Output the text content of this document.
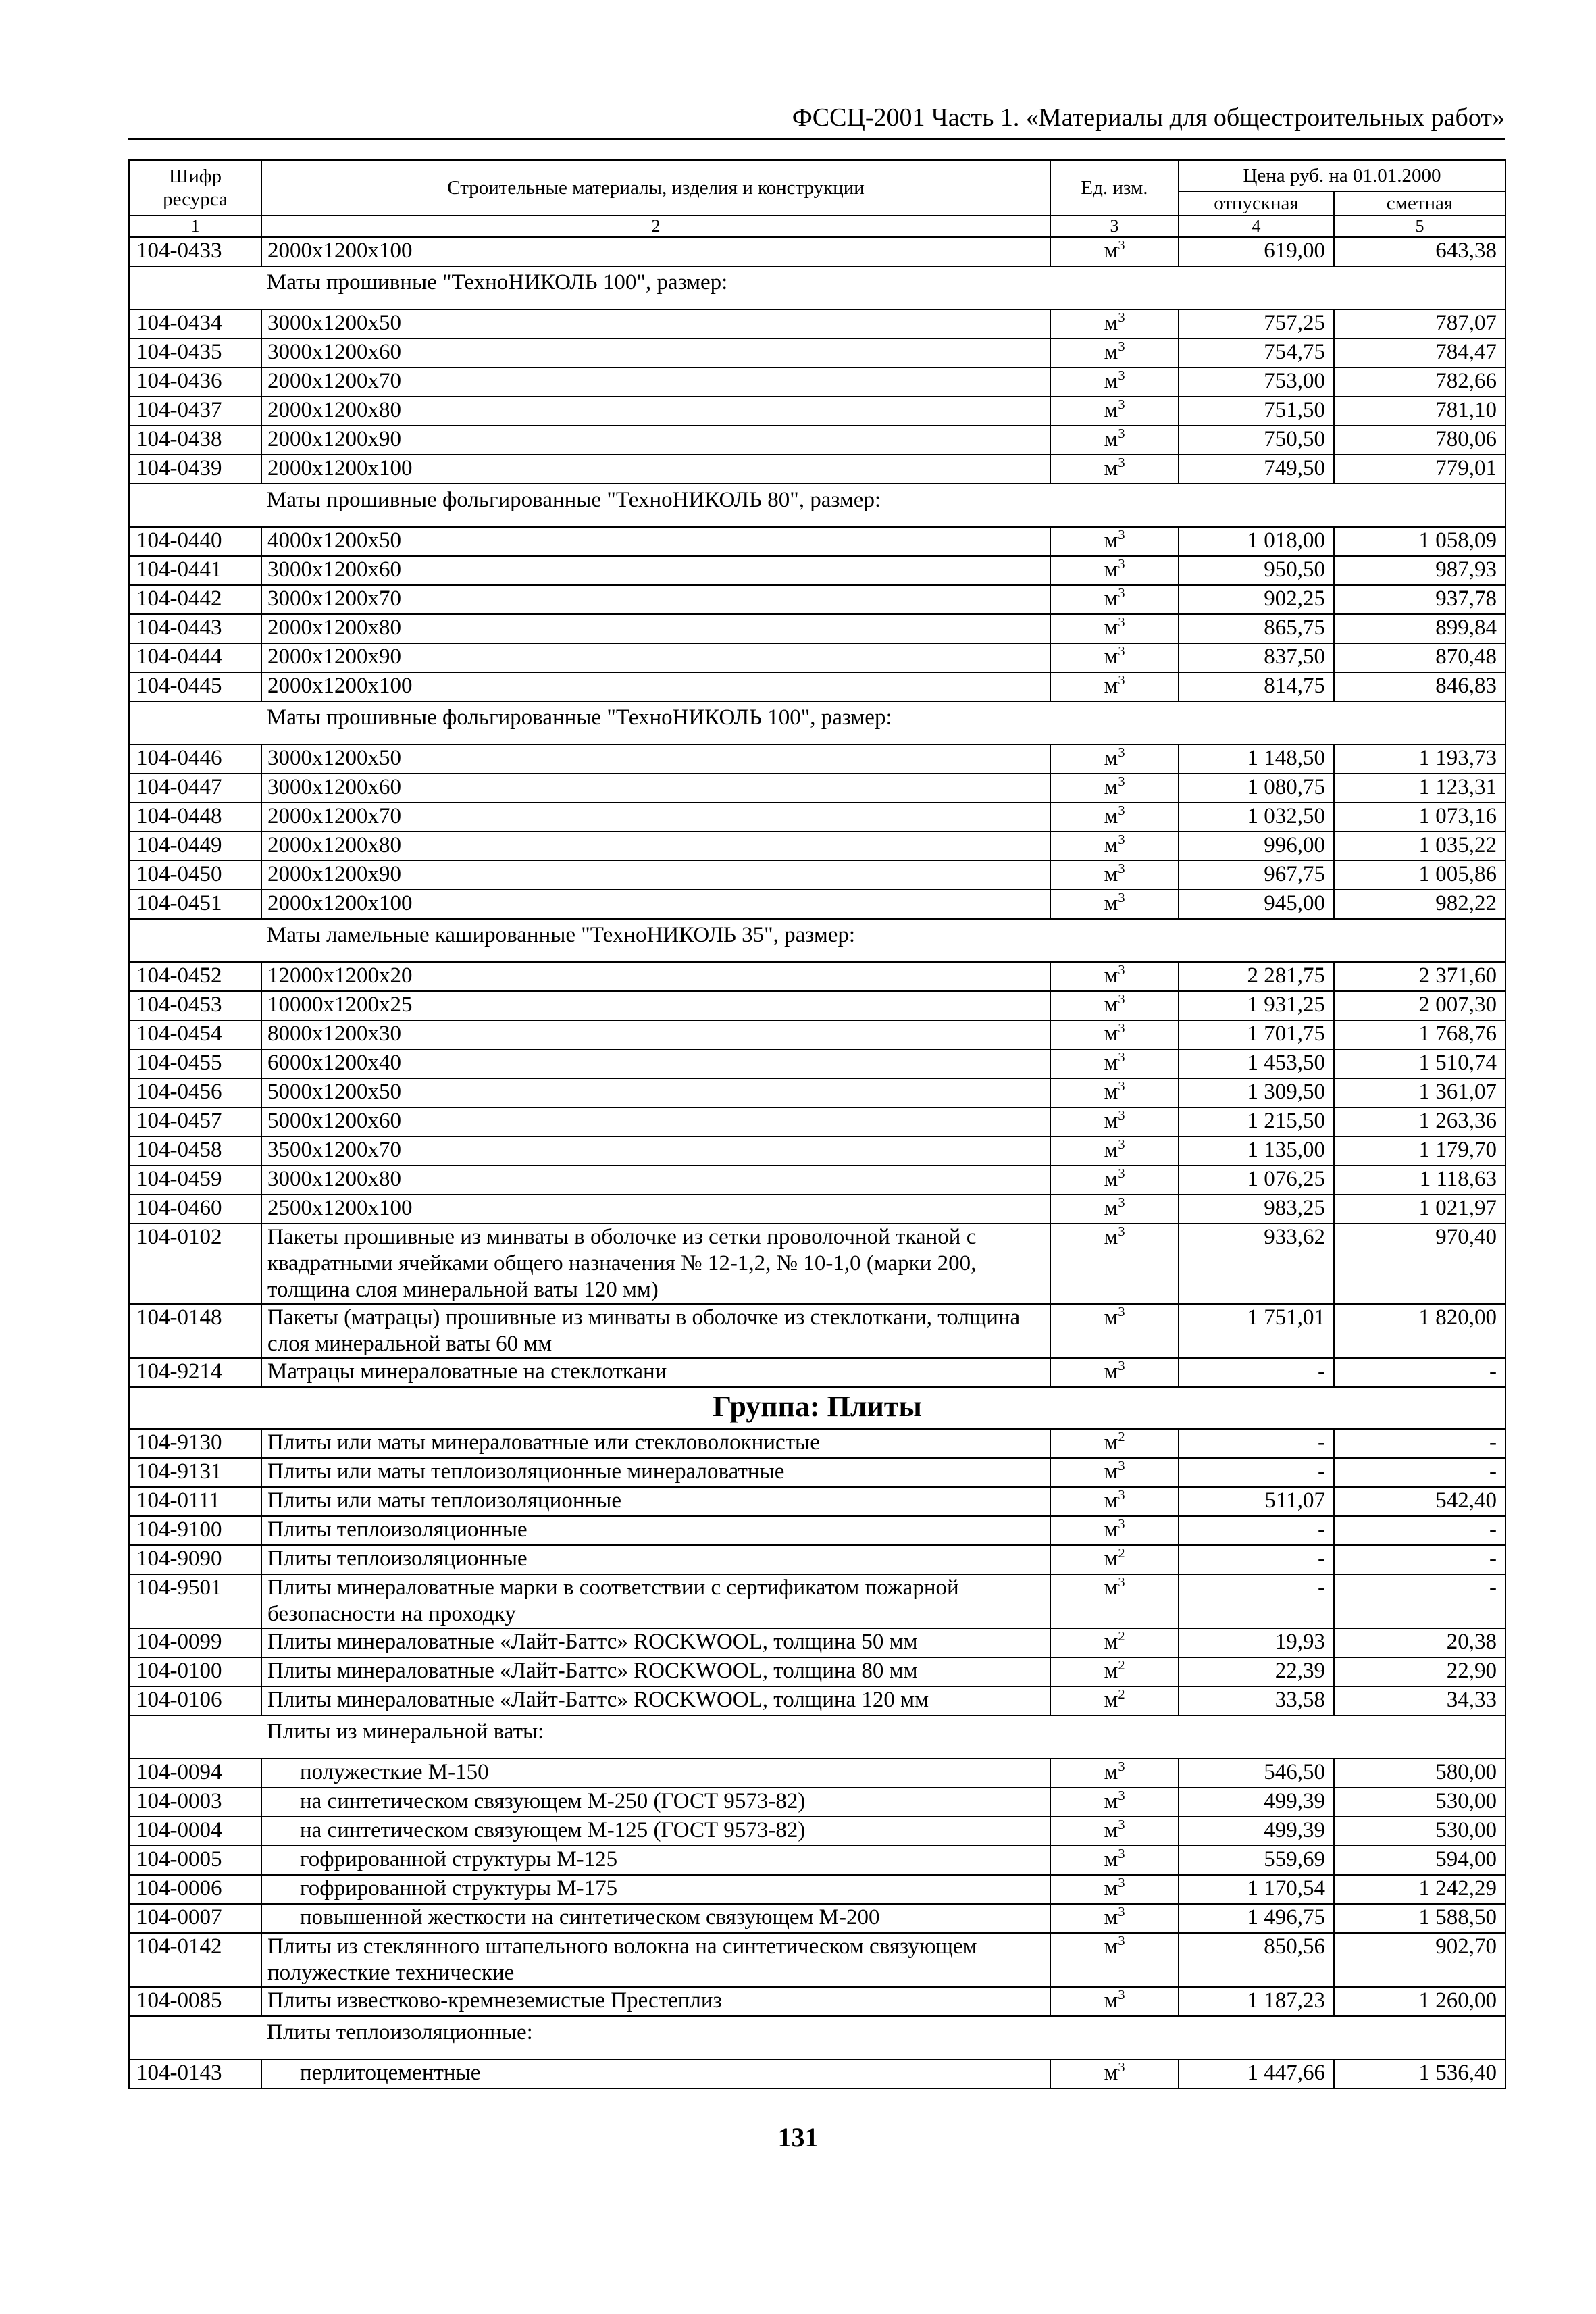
ФССЦ-2001 Часть 1. «Материалы для общестроительных работ»
Шифр ресурса	Строительные материалы, изделия и конструкции	Ед. изм.	Цена руб. на 01.01.2000	
			отпускная	сметная
1	2	3	4	5
104-0433	2000х1200х100	$м^3$	619,00	643,38
	Маты прошивные "ТехноНИКОЛЬ 100", размер:			
104-0434	3000х1200х50	$м^3$	757,25	787,07
104-0435	3000х1200х60	$м^3$	754,75	784,47
104-0436	2000х1200х70	$м^3$	753,00	782,66
104-0437	2000х1200х80	$м^3$	751,50	781,10
104-0438	2000х1200х90	$м^3$	750,50	780,06
104-0439	2000х1200х100	$м^3$	749,50	779,01
	Маты прошивные фольгированные "ТехноНИКОЛЬ 80", размер:			
104-0440	4000х1200х50	$м^3$	1 018,00	1 058,09
104-0441	3000х1200х60	$м^3$	950,50	987,93
104-0442	3000х1200х70	$м^3$	902,25	937,78
104-0443	2000х1200х80	$м^3$	865,75	899,84
104-0444	2000х1200х90	$м^3$	837,50	870,48
104-0445	2000х1200х100	$м^3$	814,75	846,83
	Маты прошивные фольгированные "ТехноНИКОЛЬ 100", размер:			
104-0446	3000х1200х50	$м^3$	1 148,50	1 193,73
104-0447	3000х1200х60	$м^3$	1 080,75	1 123,31
104-0448	2000х1200х70	$м^3$	1 032,50	1 073,16
104-0449	2000х1200х80	$м^3$	996,00	1 035,22
104-0450	2000х1200х90	$м^3$	967,75	1 005,86
104-0451	2000х1200х100	$м^3$	945,00	982,22
	Маты ламельные кашированные "ТехноНИКОЛЬ 35", размер:			
104-0452	12000х1200х20	$м^3$	2 281,75	2 371,60
104-0453	10000х1200х25	$м^3$	1 931,25	2 007,30
104-0454	8000х1200х30	$м^3$	1 701,75	1 768,76
104-0455	6000х1200х40	$м^3$	1 453,50	1 510,74
104-0456	5000х1200х50	$м^3$	1 309,50	1 361,07
104-0457	5000х1200х60	$м^3$	1 215,50	1 263,36
104-0458	3500х1200х70	$м^3$	1 135,00	1 179,70
104-0459	3000х1200х80	$м^3$	1 076,25	1 118,63
104-0460	2500х1200х100	$м^3$	983,25	1 021,97
104-0102	Пакеты прошивные из минваты в оболочке из сетки проволочной тканой с квадратными ячейками общего назначения № 12-1,2, № 10-1,0 (марки 200, толщина слоя минеральной ваты 120 мм)	$м^3$	933,62	970,40
104-0148	Пакеты (матрацы) прошивные из минваты в оболочке из стеклоткани, толщина слоя минеральной ваты 60 мм	$м^3$	1 751,01	1 820,00
104-9214	Матрацы минераловатные на стеклоткани	$м^3$	-	-
Группа: Плиты				
104-9130	Плиты или маты минераловатные или стекловолокнистые	$м^2$	-	-
104-9131	Плиты или маты теплоизоляционные минераловатные	$м^3$	-	-
104-0111	Плиты или маты теплоизоляционные	$м^3$	511,07	542,40
104-9100	Плиты теплоизоляционные	$м^3$	-	-
104-9090	Плиты теплоизоляционные	$м^2$	-	-
104-9501	Плиты минераловатные марки в соответствии с сертификатом пожарной безопасности на проходку	$м^3$	-	-
104-0099	Плиты минераловатные «Лайт-Баттс» ROCKWOOL, толщина 50 мм	$м^2$	19,93	20,38
104-0100	Плиты минераловатные «Лайт-Баттс» ROCKWOOL, толщина 80 мм	$м^2$	22,39	22,90
104-0106	Плиты минераловатные «Лайт-Баттс» ROCKWOOL, толщина 120 мм	$м^2$	33,58	34,33
	Плиты из минеральной ваты:			
104-0094	полужесткие М-150	$м^3$	546,50	580,00
104-0003	на синтетическом связующем М-250 (ГОСТ 9573-82)	$м^3$	499,39	530,00
104-0004	на синтетическом связующем М-125 (ГОСТ 9573-82)	$м^3$	499,39	530,00
104-0005	гофрированной структуры М-125	$м^3$	559,69	594,00
104-0006	гофрированной структуры М-175	$м^3$	1 170,54	1 242,29
104-0007	повышенной жесткости на синтетическом связующем М-200	$м^3$	1 496,75	1 588,50
104-0142	Плиты из стеклянного штапельного волокна на синтетическом связующем полужесткие технические	$м^3$	850,56	902,70
104-0085	Плиты известково-кремнеземистые Престеплиз	$м^3$	1 187,23	1 260,00
	Плиты теплоизоляционные:			
104-0143	перлитоцементные	$м^3$	1 447,66	1 536,40
131
